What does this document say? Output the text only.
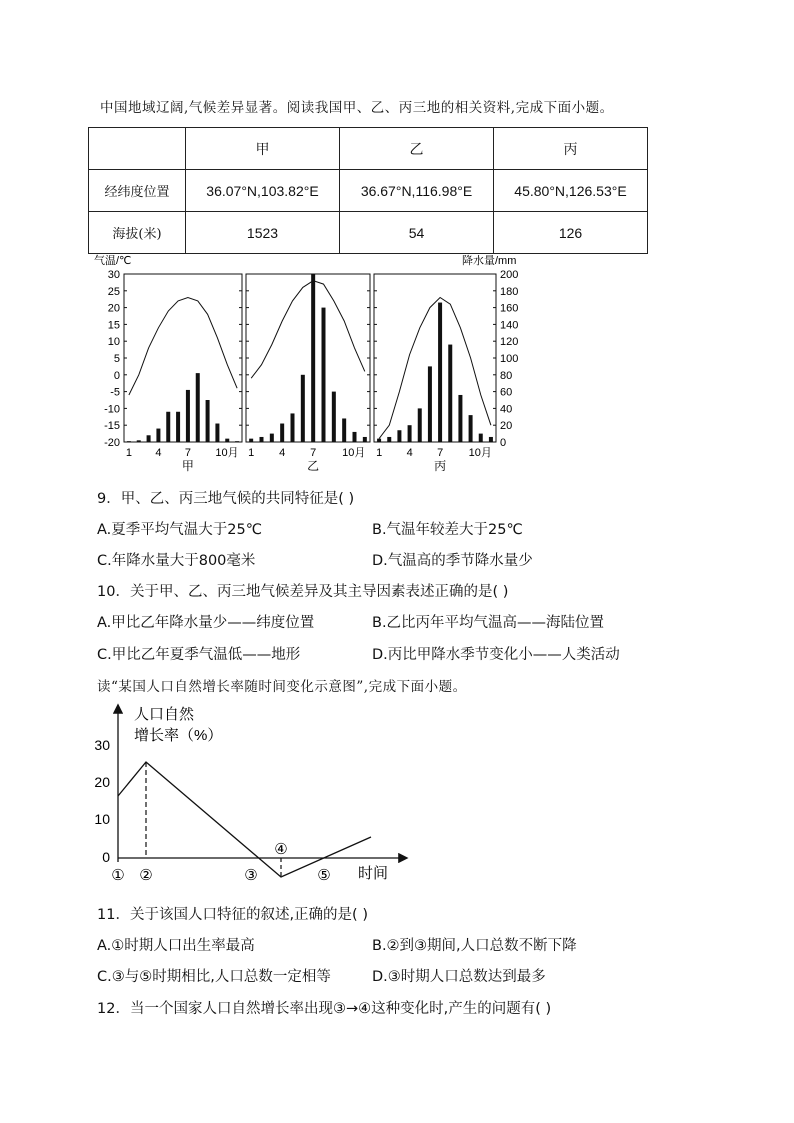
中国地域辽阔,气候差异显著。阅读我国甲、乙、丙三地的相关资料,完成下面小题。
	甲	乙	丙
经纬度位置	36.07°N,103.82°E	36.67°N,116.98°E	45.80°N,126.53°E
海拔(米)	1523	54	126
气温/℃	降水量/mm
30
25
20
15
10
5
0
-5
-10
-15
-20
200
180
160
140
120
100
80
60
40
20
0
1 4 7 10月
甲
1 4 7 10月
乙
1 4 7 10月
丙
9．甲、乙、丙三地气候的共同特征是( )
A.夏季平均气温大于25℃	B.气温年较差大于25℃
C.年降水量大于800毫米	D.气温高的季节降水量少
10．关于甲、乙、丙三地气候差异及其主导因素表述正确的是( )
A.甲比乙年降水量少——纬度位置	B.乙比丙年平均气温高——海陆位置
C.甲比乙年夏季气温低——地形	D.丙比甲降水季节变化小——人类活动
读“某国人口自然增长率随时间变化示意图”,完成下面小题。
人口自然
增长率（%）
30
20
10
0
① ②	③
④
⑤ 时间
11．关于该国人口特征的叙述,正确的是( )
A.①时期人口出生率最高	B.②到③期间,人口总数不断下降
C.③与⑤时期相比,人口总数一定相等	D.③时期人口总数达到最多
12．当一个国家人口自然增长率出现③→④这种变化时,产生的问题有( )
